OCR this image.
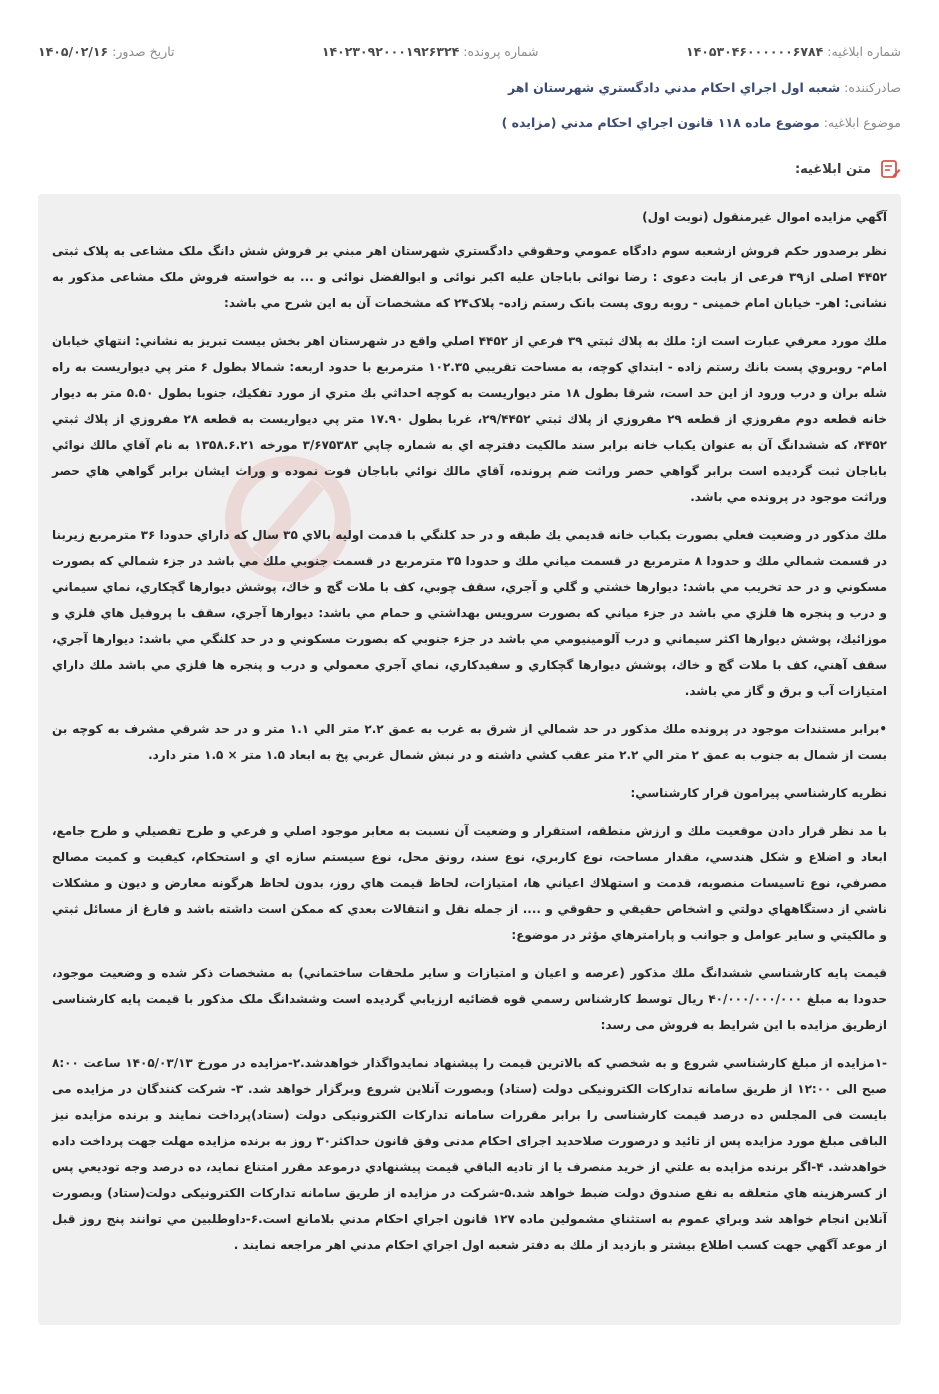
شماره ابلاغیه:
۱۴۰۵۳۰۴۶۰۰۰۰۰۰۶۷۸۴
شماره پرونده:
۱۴۰۲۳۰۹۲۰۰۰۱۹۲۶۳۲۴
تاریخ صدور:
۱۴۰۵/۰۲/۱۶
صادرکننده:
شعبه اول اجراي احكام مدني دادگستري شهرستان اهر
موضوع ابلاغیه:
موضوع ماده ۱۱۸ قانون اجراي احكام مدني (مزايده )
متن ابلاغیه:

آگهي مزايده اموال غيرمنقول (نوبت اول)

نظر برصدور حكم فروش ازشعبه سوم دادگاه عمومي وحقوقي دادگستري شهرستان اهر مبني بر فروش شش دانگ ملک مشاعی به پلاک ثبتی ۴۴۵۲ اصلی از۳۹ فرعی از بابت دعوی : رضا نوائی باباجان علیه اکبر نوائی و ابوالفضل نوائی و ... به خواسته فروش ملک مشاعی مذکور به نشانی: اهر- خیابان امام خمینی - روبه روی پست بانک رستم زاده- پلاک۲۴ که مشخصات آن به اين شرح مي باشد:

ملك مورد معرفي عبارت است از: ملك به پلاك ثبتي ۳۹ فرعي از ۴۴۵۲ اصلي واقع در شهرستان اهر بخش بيست تبريز به نشاني: انتهاي خيابان امام- روبروي پست بانك رستم زاده - ابتداي كوچه، به مساحت تقريبي ۱۰۲.۳۵ مترمربع با حدود اربعه: شمالا بطول ۶ متر پي ديواريست به راه شله بران و درب ورود از اين حد است، شرقا بطول ۱۸ متر ديواريست به كوچه احداثي بك متري از مورد تفكيك، جنوبا بطول ۵.۵۰ متر به ديوار خانه قطعه دوم مفروزي از قطعه ۲۹ مفروزي از پلاك ثبتي ۲۹/۴۴۵۲، غربا بطول ۱۷.۹۰ متر پي ديواريست به قطعه ۲۸ مفروزي از پلاك ثبتي ۴۴۵۲، كه ششدانگ آن به عنوان يكباب خانه برابر سند مالكيت دفترچه اي به شماره چاپي ۳/۶۷۵۳۸۳ مورخه ۱۳۵۸.۶.۲۱ به نام آقاي مالك نوائي باباجان ثبت گرديده است برابر گواهي حصر وراثت ضم پرونده، آقاي مالك نوائي باباجان فوت نموده و وراث ايشان برابر گواهي هاي حصر وراثت موجود در پرونده مي باشد.

ملك مذكور در وضعيت فعلي بصورت يكباب خانه قديمي يك طبقه و در حد كلنگي با قدمت اوليه بالاي ۳۵ سال كه داراي حدودا ۳۶ مترمربع زيربنا در قسمت شمالي ملك و حدودا ۸ مترمربع در قسمت مياني ملك و حدودا ۳۵ مترمربع در قسمت جنوبي ملك مي باشد در جزء شمالي كه بصورت مسكوني و در حد تخريب مي باشد: ديوارها خشتي و گلي و آجري، سقف چوبي، كف با ملات گچ و خاك، پوشش ديوارها گچكاري، نماي سيماني و درب و پنجره ها فلزي مي باشد در جزء مياني كه بصورت سرويس بهداشتي و حمام مي باشد: ديوارها آجري، سقف با پروفيل هاي فلزي و موزائيك، پوشش ديوارها اكثر سيماني و درب آلومينيومي مي باشد در جزء جنوبي كه بصورت مسكوني و در حد كلنگي مي باشد: ديوارها آجري، سقف آهني، كف با ملات گچ و خاك، پوشش ديوارها گچكاري و سفيدكاري، نماي آجري معمولي و درب و پنجره ها فلزي مي باشد ملك داراي امتيازات آب و برق و گاز مي باشد.

•برابر مستندات موجود در پرونده ملك مذكور در حد شمالي از شرق به غرب به عمق ۲.۲ متر الي ۱.۱ متر و در حد شرقي مشرف به كوچه بن بست از شمال به جنوب به عمق ۲ متر الي ۲.۲ متر عقب كشي داشته و در نبش شمال غربي پخ به ابعاد ۱.۵ متر × ۱.۵ متر دارد.

نظريه كارشناسي پيرامون قرار كارشناسي:

با مد نظر قرار دادن موقعيت ملك و ارزش منطقه، استقرار و وضعيت آن نسبت به معابر موجود اصلي و فرعي و طرح تفصيلي و طرح جامع، ابعاد و اضلاع و شكل هندسي، مقدار مساحت، نوع كاربري، نوع سند، رونق محل، نوع سيستم سازه اي و استحكام، كيفيت و كميت مصالح مصرفي، نوع تاسيسات منصوبه، قدمت و استهلاك اعياني ها، امتيازات، لحاظ قيمت هاي روز، بدون لحاظ هرگونه معارض و ديون و مشكلات ناشي از دستگاههاي دولتي و اشخاص حقيقي و حقوقي و .... از جمله نقل و انتقالات بعدي كه ممكن است داشته باشد و فارغ از مسائل ثبتي و مالكيتي و ساير عوامل و جوانب و پارامترهاي مؤثر در موضوع:

قيمت پايه كارشناسي ششدانگ ملك مذكور (عرصه و اعيان و امتيازات و ساير ملحقات ساختماني) به مشخصات ذكر شده و وضعيت موجود، حدودا به مبلغ ۴۰/۰۰۰/۰۰۰/۰۰۰ ريال توسط كارشناس رسمي قوه قضائيه ارزيابي گرديده است وششدانگ ملک مذکور با قیمت پایه کارشناسی ازطریق مزایده با این شرایط به فروش می رسد:

-۱مزايده از مبلغ كارشناسي شروع و به شخصي كه بالاترين قيمت را پيشنهاد نمايدواگذار خواهدشد.۲-مزایده در مورخ ۱۴۰۵/۰۳/۱۳ ساعت ۸:۰۰ صبح الی ۱۲:۰۰ از طریق سامانه تدارکات الکترونیکی دولت (ستاد) وبصورت آنلاین شروع وبرگزار خواهد شد. ۳- شرکت کنندگان در مزایده می بایست فی المجلس ده درصد قیمت کارشناسی را برابر مقررات سامانه تدارکات الکترونیکی دولت (ستاد)پرداخت نمایند و برنده مزایده نیز الباقی مبلغ مورد مزایده پس از تائید و درصورت صلاحدید اجرای احکام مدنی وفق قانون حداکثر۳۰ روز به برنده مزایده مهلت جهت پرداخت داده خواهدشد. ۴-اگر برنده مزايده به علتي از خريد منصرف يا از تاديه الباقي قيمت پيشنهادي درموعد مقرر امتناع نمايد، ده درصد وجه توديعي پس از كسرهزينه هاي متعلقه به نفع صندوق دولت ضبط خواهد شد.۵-شرکت در مزایده از طریق سامانه تدارکات الکترونیکی دولت(ستاد) وبصورت آنلاین انجام خواهد شد وبراي عموم به استثناي مشمولين ماده ۱۲۷ قانون اجراي احكام مدني بلامانع است.۶-داوطلبين مي توانند پنج روز قبل از موعد آگهي جهت كسب اطلاع بيشتر و بازديد از ملك به دفتر شعبه اول اجراي احكام مدني اهر مراجعه نمايند .
